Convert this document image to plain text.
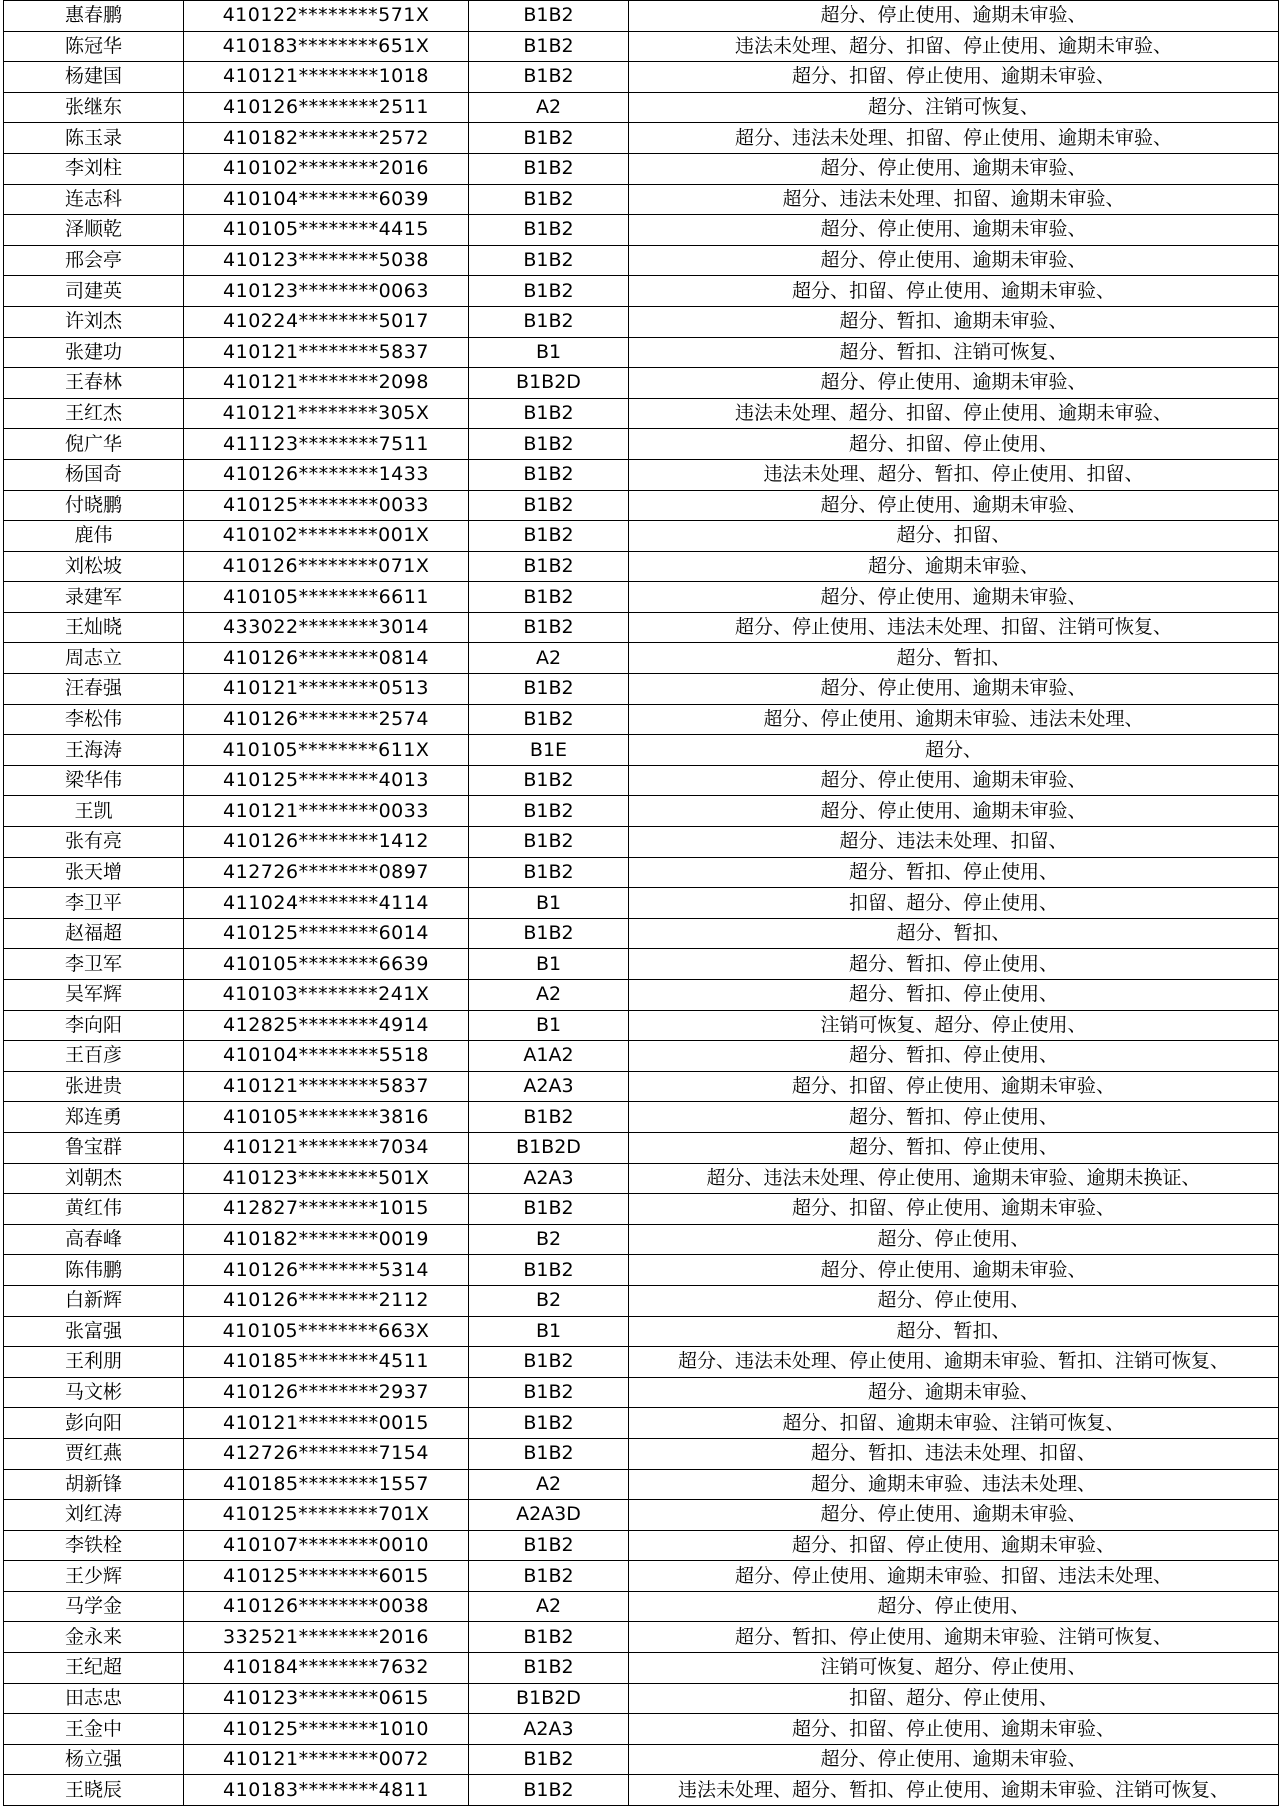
惠春鹏	410122********571X	B1B2	超分、停止使用、逾期未审验、
陈冠华	410183********651X	B1B2	违法未处理、超分、扣留、停止使用、逾期未审验、
杨建国	410121********1018	B1B2	超分、扣留、停止使用、逾期未审验、
张继东	410126********2511	A2	超分、注销可恢复、
陈玉录	410182********2572	B1B2	超分、违法未处理、扣留、停止使用、逾期未审验、
李刘柱	410102********2016	B1B2	超分、停止使用、逾期未审验、
连志科	410104********6039	B1B2	超分、违法未处理、扣留、逾期未审验、
泽顺乾	410105********4415	B1B2	超分、停止使用、逾期未审验、
邢会亭	410123********5038	B1B2	超分、停止使用、逾期未审验、
司建英	410123********0063	B1B2	超分、扣留、停止使用、逾期未审验、
许刘杰	410224********5017	B1B2	超分、暂扣、逾期未审验、
张建功	410121********5837	B1	超分、暂扣、注销可恢复、
王春林	410121********2098	B1B2D	超分、停止使用、逾期未审验、
王红杰	410121********305X	B1B2	违法未处理、超分、扣留、停止使用、逾期未审验、
倪广华	411123********7511	B1B2	超分、扣留、停止使用、
杨国奇	410126********1433	B1B2	违法未处理、超分、暂扣、停止使用、扣留、
付晓鹏	410125********0033	B1B2	超分、停止使用、逾期未审验、
鹿伟	410102********001X	B1B2	超分、扣留、
刘松坡	410126********071X	B1B2	超分、逾期未审验、
录建军	410105********6611	B1B2	超分、停止使用、逾期未审验、
王灿晓	433022********3014	B1B2	超分、停止使用、违法未处理、扣留、注销可恢复、
周志立	410126********0814	A2	超分、暂扣、
汪春强	410121********0513	B1B2	超分、停止使用、逾期未审验、
李松伟	410126********2574	B1B2	超分、停止使用、逾期未审验、违法未处理、
王海涛	410105********611X	B1E	超分、
梁华伟	410125********4013	B1B2	超分、停止使用、逾期未审验、
王凯	410121********0033	B1B2	超分、停止使用、逾期未审验、
张有亮	410126********1412	B1B2	超分、违法未处理、扣留、
张天增	412726********0897	B1B2	超分、暂扣、停止使用、
李卫平	411024********4114	B1	扣留、超分、停止使用、
赵福超	410125********6014	B1B2	超分、暂扣、
李卫军	410105********6639	B1	超分、暂扣、停止使用、
吴军辉	410103********241X	A2	超分、暂扣、停止使用、
李向阳	412825********4914	B1	注销可恢复、超分、停止使用、
王百彦	410104********5518	A1A2	超分、暂扣、停止使用、
张进贵	410121********5837	A2A3	超分、扣留、停止使用、逾期未审验、
郑连勇	410105********3816	B1B2	超分、暂扣、停止使用、
鲁宝群	410121********7034	B1B2D	超分、暂扣、停止使用、
刘朝杰	410123********501X	A2A3	超分、违法未处理、停止使用、逾期未审验、逾期未换证、
黄红伟	412827********1015	B1B2	超分、扣留、停止使用、逾期未审验、
高春峰	410182********0019	B2	超分、停止使用、
陈伟鹏	410126********5314	B1B2	超分、停止使用、逾期未审验、
白新辉	410126********2112	B2	超分、停止使用、
张富强	410105********663X	B1	超分、暂扣、
王利朋	410185********4511	B1B2	超分、违法未处理、停止使用、逾期未审验、暂扣、注销可恢复、
马文彬	410126********2937	B1B2	超分、逾期未审验、
彭向阳	410121********0015	B1B2	超分、扣留、逾期未审验、注销可恢复、
贾红燕	412726********7154	B1B2	超分、暂扣、违法未处理、扣留、
胡新锋	410185********1557	A2	超分、逾期未审验、违法未处理、
刘红涛	410125********701X	A2A3D	超分、停止使用、逾期未审验、
李铁栓	410107********0010	B1B2	超分、扣留、停止使用、逾期未审验、
王少辉	410125********6015	B1B2	超分、停止使用、逾期未审验、扣留、违法未处理、
马学金	410126********0038	A2	超分、停止使用、
金永来	332521********2016	B1B2	超分、暂扣、停止使用、逾期未审验、注销可恢复、
王纪超	410184********7632	B1B2	注销可恢复、超分、停止使用、
田志忠	410123********0615	B1B2D	扣留、超分、停止使用、
王金中	410125********1010	A2A3	超分、扣留、停止使用、逾期未审验、
杨立强	410121********0072	B1B2	超分、停止使用、逾期未审验、
王晓辰	410183********4811	B1B2	违法未处理、超分、暂扣、停止使用、逾期未审验、注销可恢复、
